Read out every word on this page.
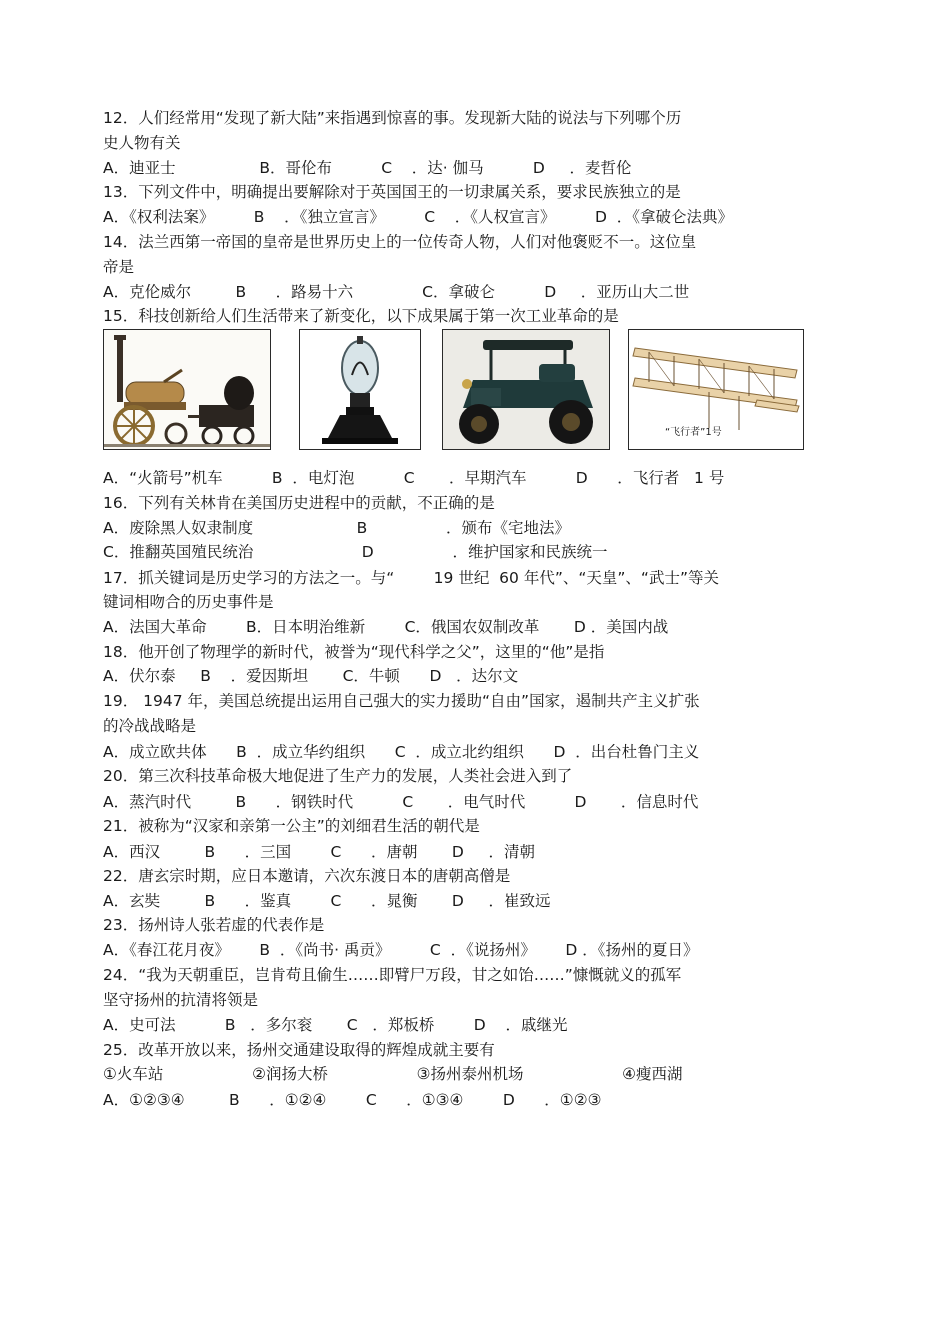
12．人们经常用“发现了新大陆”来指遇到惊喜的事。发现新大陆的说法与下列哪个历
史人物有关
A．迪亚士                 B．哥伦布          C    ．达· 伽马          D     ．麦哲伦
13．下列文件中，明确提出要解除对于英国国王的一切隶属关系，要求民族独立的是
A．《权利法案》        B    ．《独立宣言》        C    ．《人权宣言》        D  ．《拿破仑法典》
14．法兰西第一帝国的皇帝是世界历史上的一位传奇人物，人们对他褒贬不一。这位皇
帝是
A．克伦威尔         B      ．路易十六              C．拿破仑          D     ．亚历山大二世
15．科技创新给人们生活带来了新变化，以下成果属于第一次工业革命的是
“飞行者”1号
A．“火箭号”机车          B  ．电灯泡          C       ．早期汽车          D      ．飞行者   1 号
16．下列有关林肯在美国历史进程中的贡献，不正确的是
A．废除黑人奴隶制度                     B                ．颁布《宅地法》
C．推翻英国殖民统治                      D                ．维护国家和民族统一
17．抓关键词是历史学习的方法之一。与“        19 世纪  60 年代”、“天皇”、“武士”等关
键词相吻合的历史事件是
A．法国大革命        B．日本明治维新        C．俄国农奴制改革       D ．美国内战
18．他开创了物理学的新时代，被誉为“现代科学之父”，这里的“他”是指
A．伏尔泰     B    ．爱因斯坦       C．牛顿      D   ．达尔文
19． 1947 年，美国总统提出运用自己强大的实力援助“自由”国家，遏制共产主义扩张
的冷战战略是
A．成立欧共体      B  ．成立华约组织      C  ．成立北约组织      D  ．出台杜鲁门主义
20．第三次科技革命极大地促进了生产力的发展，人类社会进入到了
A．蒸汽时代         B      ．钢铁时代          C       ．电气时代          D       ．信息时代
21．被称为“汉家和亲第一公主”的刘细君生活的朝代是
A．西汉         B      ．三国        C      ．唐朝       D     ．清朝
22．唐玄宗时期，应日本邀请，六次东渡日本的唐朝高僧是
A．玄奘         B      ．鉴真        C      ．晁衡       D     ．崔致远
23．扬州诗人张若虚的代表作是
A．《春江花月夜》      B  ．《尚书· 禹贡》        C  ．《说扬州》      D ．《扬州的夏日》
24．“我为天朝重臣，岂肯苟且偷生……即臂尸万段，甘之如饴……”慷慨就义的孤军
坚守扬州的抗清将领是
A．史可法          B   ．多尔衮       C   ．郑板桥        D    ．戚继光
25．改革开放以来，扬州交通建设取得的辉煌成就主要有
①火车站                  ②润扬大桥                  ③扬州泰州机场                    ④瘦西湖
A．①②③④         B      ．①②④        C      ．①③④        D      ．①②③
